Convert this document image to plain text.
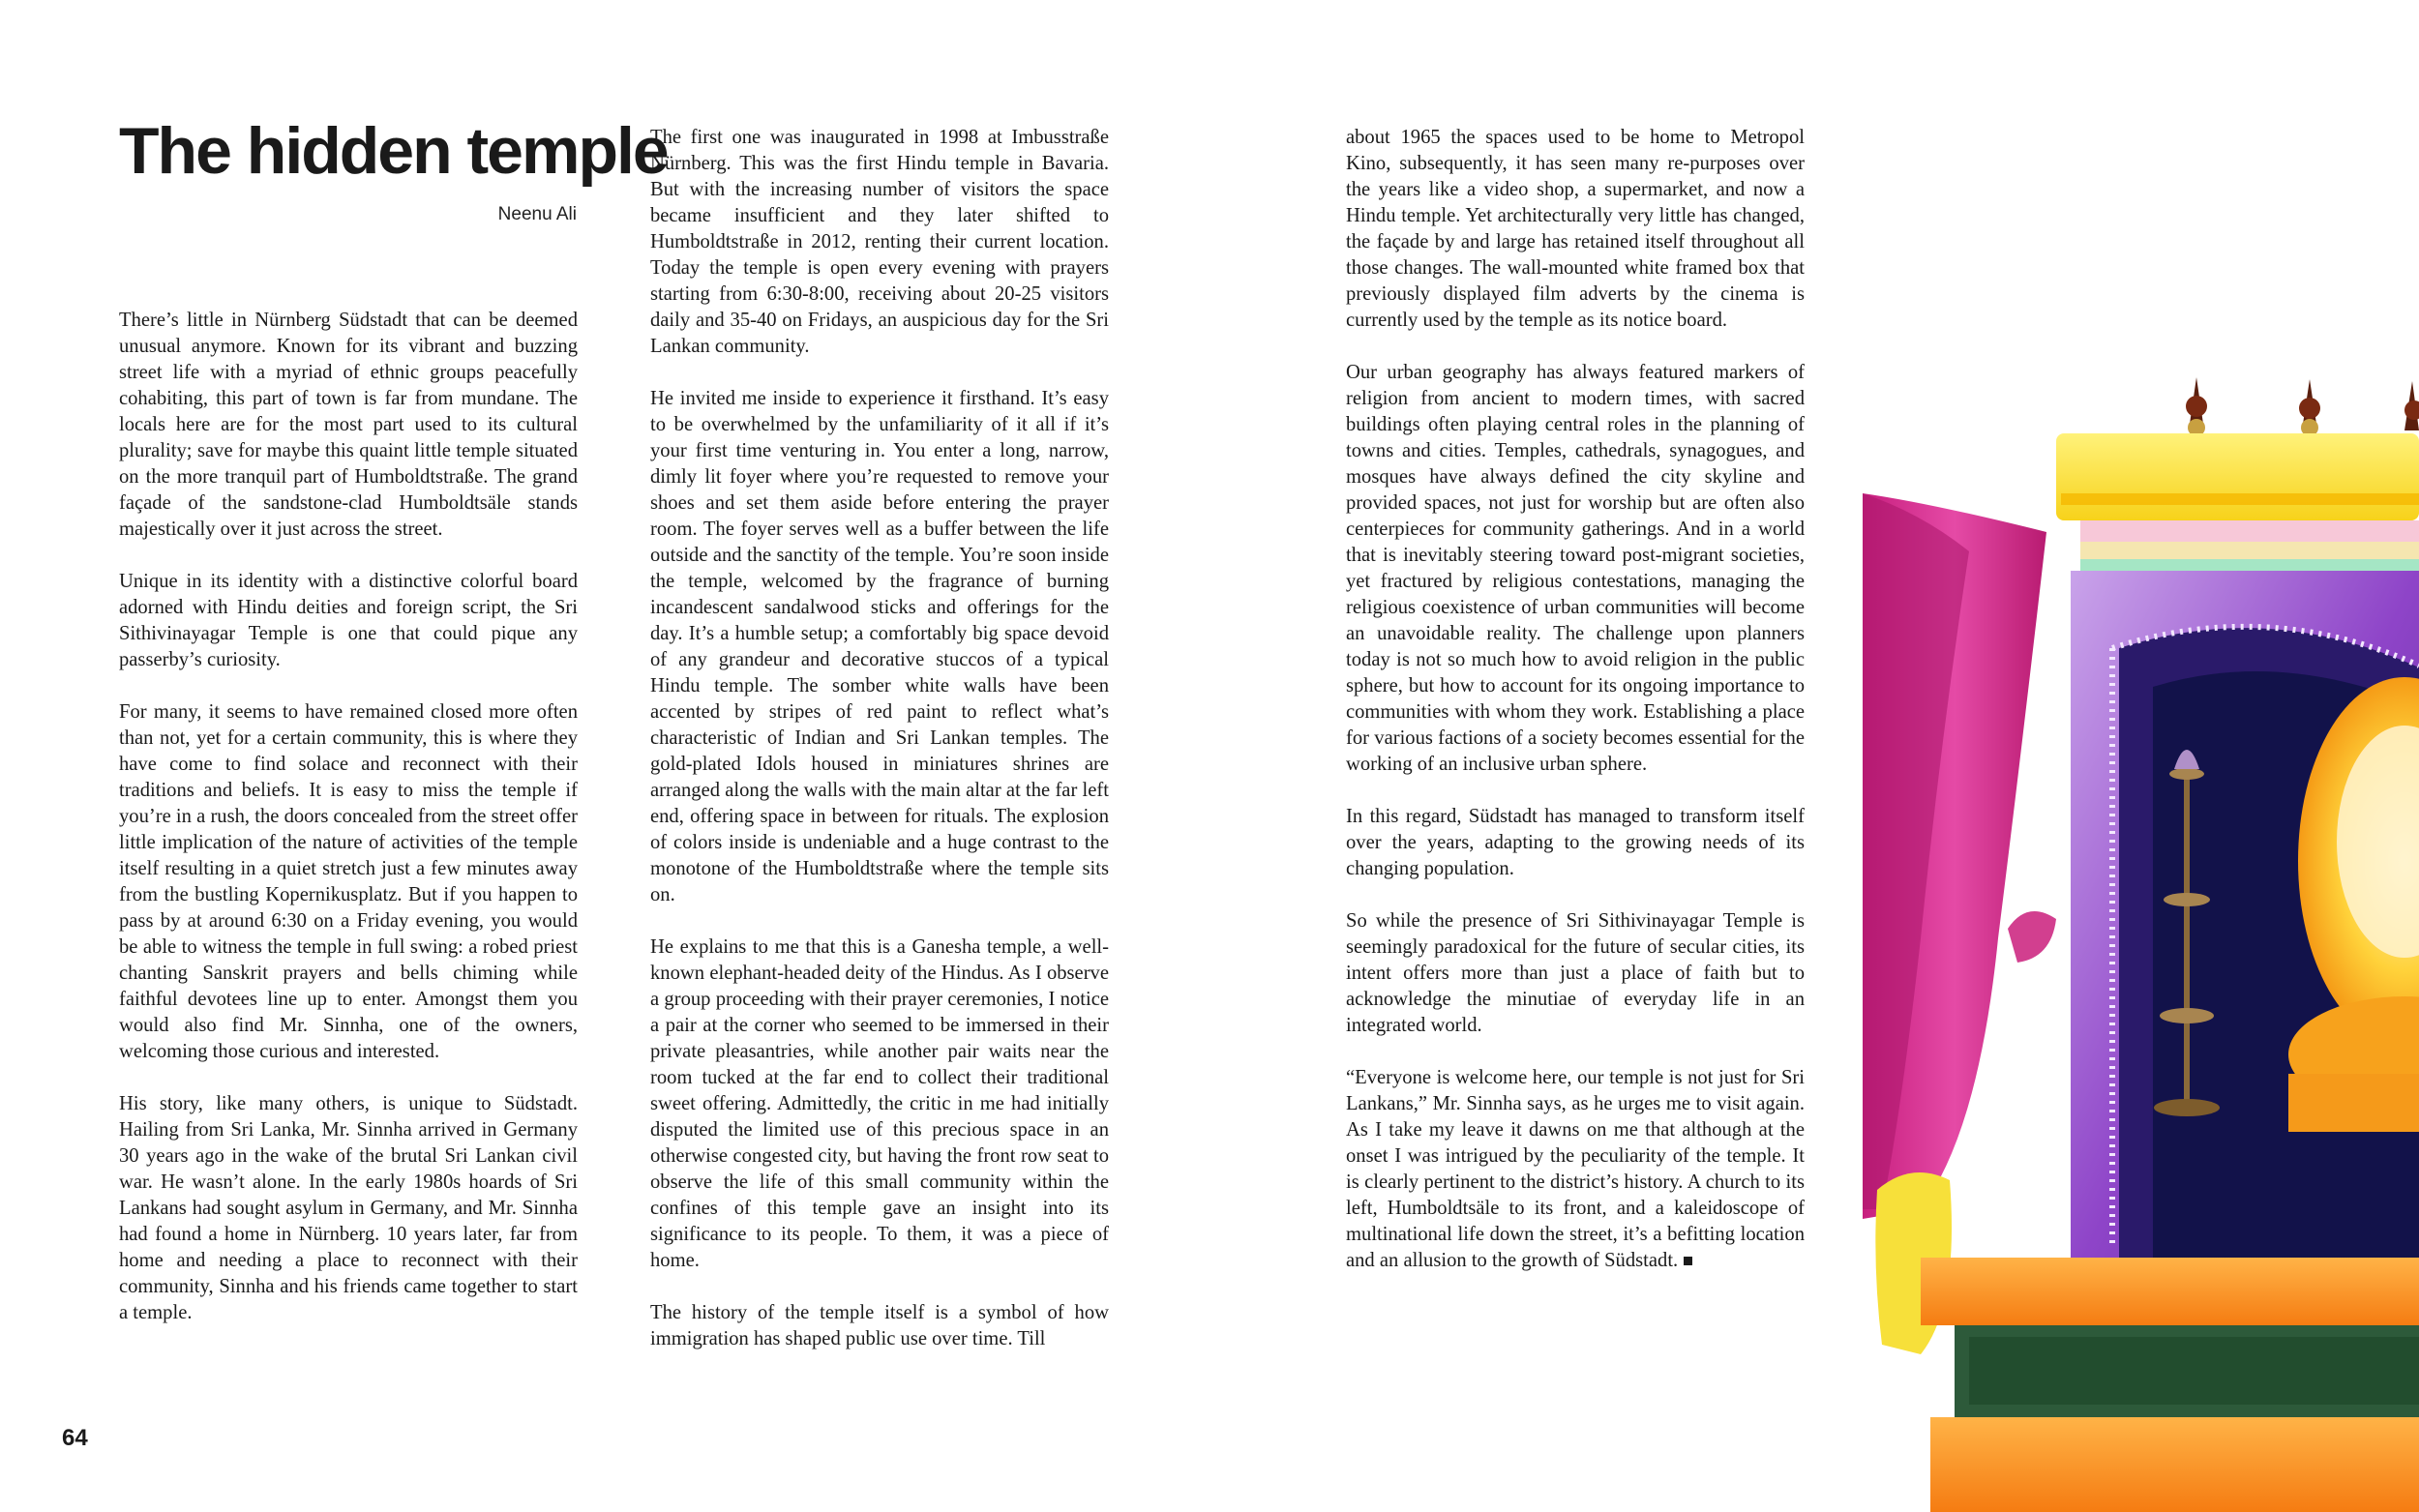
The hidden temple
Neenu Ali

There’s little in Nürnberg Südstadt that can be deemed unusual anymore. Known for its vibrant and buzzing street life with a myriad of ethnic groups peacefully cohabiting, this part of town is far from mundane. The locals here are for the most part used to its cultural plurality; save for maybe this quaint little temple situated on the more tranquil part of Humboldtstraße. The grand façade of the sandstone-clad Humboldtsäle stands majestically over it just across the street.

Unique in its identity with a distinctive colorful board adorned with Hindu deities and foreign script, the Sri Sithivinayagar Temple is one that could pique any passerby’s curiosity.

For many, it seems to have remained closed more often than not, yet for a certain community, this is where they have come to find solace and reconnect with their traditions and beliefs. It is easy to miss the temple if you’re in a rush, the doors concealed from the street offer little implication of the nature of activities of the temple itself resulting in a quiet stretch just a few minutes away from the bustling Kopernikusplatz. But if you happen to pass by at around 6:30 on a Friday evening, you would be able to witness the temple in full swing: a robed priest chanting Sanskrit prayers and bells chiming while faithful devotees line up to enter. Amongst them you would also find Mr. Sinnha, one of the owners, welcoming those curious and interested.

His story, like many others, is unique to Südstadt. Hailing from Sri Lanka, Mr. Sinnha arrived in Germany 30 years ago in the wake of the brutal Sri Lankan civil war. He wasn’t alone. In the early 1980s hoards of Sri Lankans had sought asylum in Germany, and Mr. Sinnha had found a home in Nürnberg. 10 years later, far from home and needing a place to reconnect with their community, Sinnha and his friends came together to start a temple.

The first one was inaugurated in 1998 at Imbusstraße Nürnberg. This was the first Hindu temple in Bavaria. But with the increasing number of visitors the space became insufficient and they later shifted to Humboldtstraße in 2012, renting their current location. Today the temple is open every evening with prayers starting from 6:30-8:00, receiving about 20-25 visitors daily and 35-40 on Fridays, an auspicious day for the Sri Lankan community.

He invited me inside to experience it firsthand. It’s easy to be overwhelmed by the unfamiliarity of it all if it’s your first time venturing in. You enter a long, narrow, dimly lit foyer where you’re requested to remove your shoes and set them aside before entering the prayer room. The foyer serves well as a buffer between the life outside and the sanctity of the temple. You’re soon inside the temple, welcomed by the fragrance of burning incandescent sandalwood sticks and offerings for the day. It’s a humble setup; a comfortably big space devoid of any grandeur and decorative stuccos of a typical Hindu temple. The somber white walls have been accented by stripes of red paint to reflect what’s characteristic of Indian and Sri Lankan temples. The gold-plated Idols housed in miniatures shrines are arranged along the walls with the main altar at the far left end, offering space in between for rituals. The explosion of colors inside is undeniable and a huge contrast to the monotone of the Humboldtstraße where the temple sits on.

He explains to me that this is a Ganesha temple, a well-known elephant-headed deity of the Hindus. As I observe a group proceeding with their prayer ceremonies, I notice a pair at the corner who seemed to be immersed in their private pleasantries, while another pair waits near the room tucked at the far end to collect their traditional sweet offering. Admittedly, the critic in me had initially disputed the limited use of this precious space in an otherwise congested city, but having the front row seat to observe the life of this small community within the confines of this temple gave an insight into its significance to its people. To them, it was a piece of home.

The history of the temple itself is a symbol of how immigration has shaped public use over time. Till

about 1965 the spaces used to be home to Metropol Kino, subsequently, it has seen many re-purposes over the years like a video shop, a supermarket, and now a Hindu temple. Yet architecturally very little has changed, the façade by and large has retained itself throughout all those changes. The wall-mounted white framed box that previously displayed film adverts by the cinema is currently used by the temple as its notice board.

Our urban geography has always featured markers of religion from ancient to modern times, with sacred buildings often playing central roles in the planning of towns and cities. Temples, cathedrals, synagogues, and mosques have always defined the city skyline and provided spaces, not just for worship but are often also centerpieces for community gatherings. And in a world that is inevitably steering toward post-migrant societies, yet fractured by religious contestations, managing the religious coexistence of urban communities will become an unavoidable reality. The challenge upon planners today is not so much how to avoid religion in the public sphere, but how to account for its ongoing importance to communities with whom they work. Establishing a place for various factions of a society becomes essential for the working of an inclusive urban sphere.

In this regard, Südstadt has managed to transform itself over the years, adapting to the growing needs of its changing population.

So while the presence of Sri Sithivinayagar Temple is seemingly paradoxical for the future of secular cities, its intent offers more than just a place of faith but to acknowledge the minutiae of everyday life in an integrated world.

“Everyone is welcome here, our temple is not just for Sri Lankans,” Mr. Sinnha says, as he urges me to visit again. As I take my leave it dawns on me that although at the onset I was intrigued by the peculiarity of the temple. It is clearly pertinent to the district’s history. A church to its left, Humboldtsäle to its front, and a kaleidoscope of multinational life down the street, it’s a befitting location and an allusion to the growth of Südstadt.

64
